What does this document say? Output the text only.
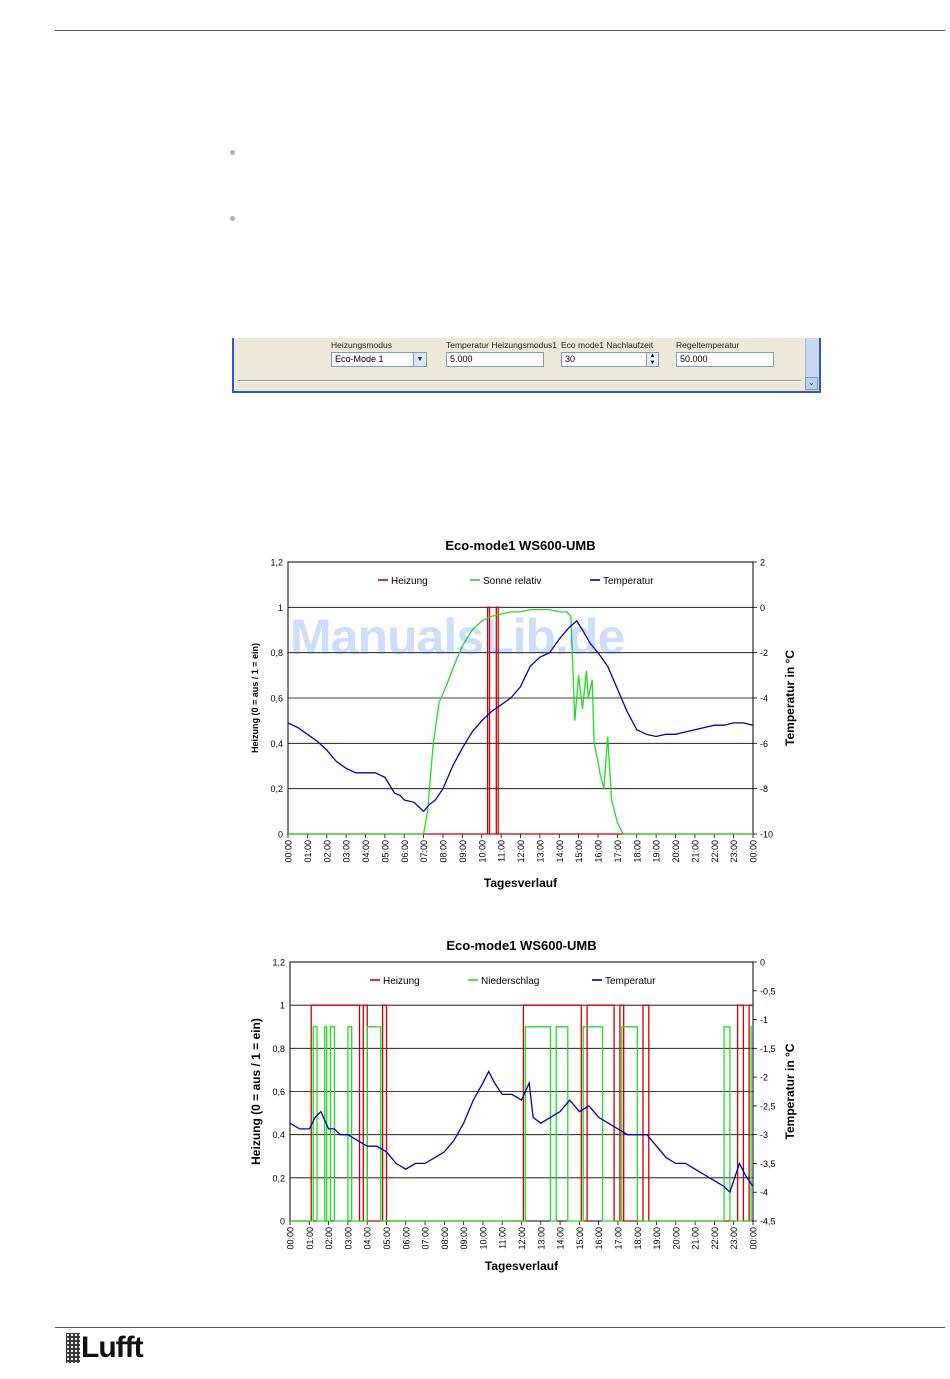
Heizungsmodus
Eco-Mode 1	▼
Temperatur Heizungsmodus1
5.000
Eco mode1 Nachlaufzeit
30	▲
▼
Regeltemperatur
50.000
⌄
Eco-mode1 WS600-UMB
0
0,2
0,4
0,6
0,8
1
1,2
-10
-8
-6
-4
-2
0
2
00:00 01:00 02:00 03:00 04:00 05:00 06:00 07:00 08:00 09:00 10:00 11:00 12:00 13:00 14:00 15:00 16:00 17:00 18:00 19:00 20:00 21:00 22:00 23:00 00:00
Tagesverlauf
Heizung (0 = aus / 1 = ein)	Temperatur in °C
Heizung	Sonne relativ	Temperatur
ManualsLib.de
Eco-mode1 WS600-UMB
0
0,2
0,4
0,6
0,8
1
1,2
-4,5
-4
-3,5
-3
-2,5
-2
-1,5
-1
-0,5
0
00:00 01:00 02:00 03:00 04:00 05:00 06:00 07:00 08:00 09:00 10:00 11:00 12:00 13:00 14:00 15:00 16:00 17:00 18:00 19:00 20:00 21:00 22:00 23:00 00:00
Tagesverlauf
Heizung (0 = aus / 1 = ein)	Temperatur in °C
Heizung	Niederschlag	Temperatur
Lufft
